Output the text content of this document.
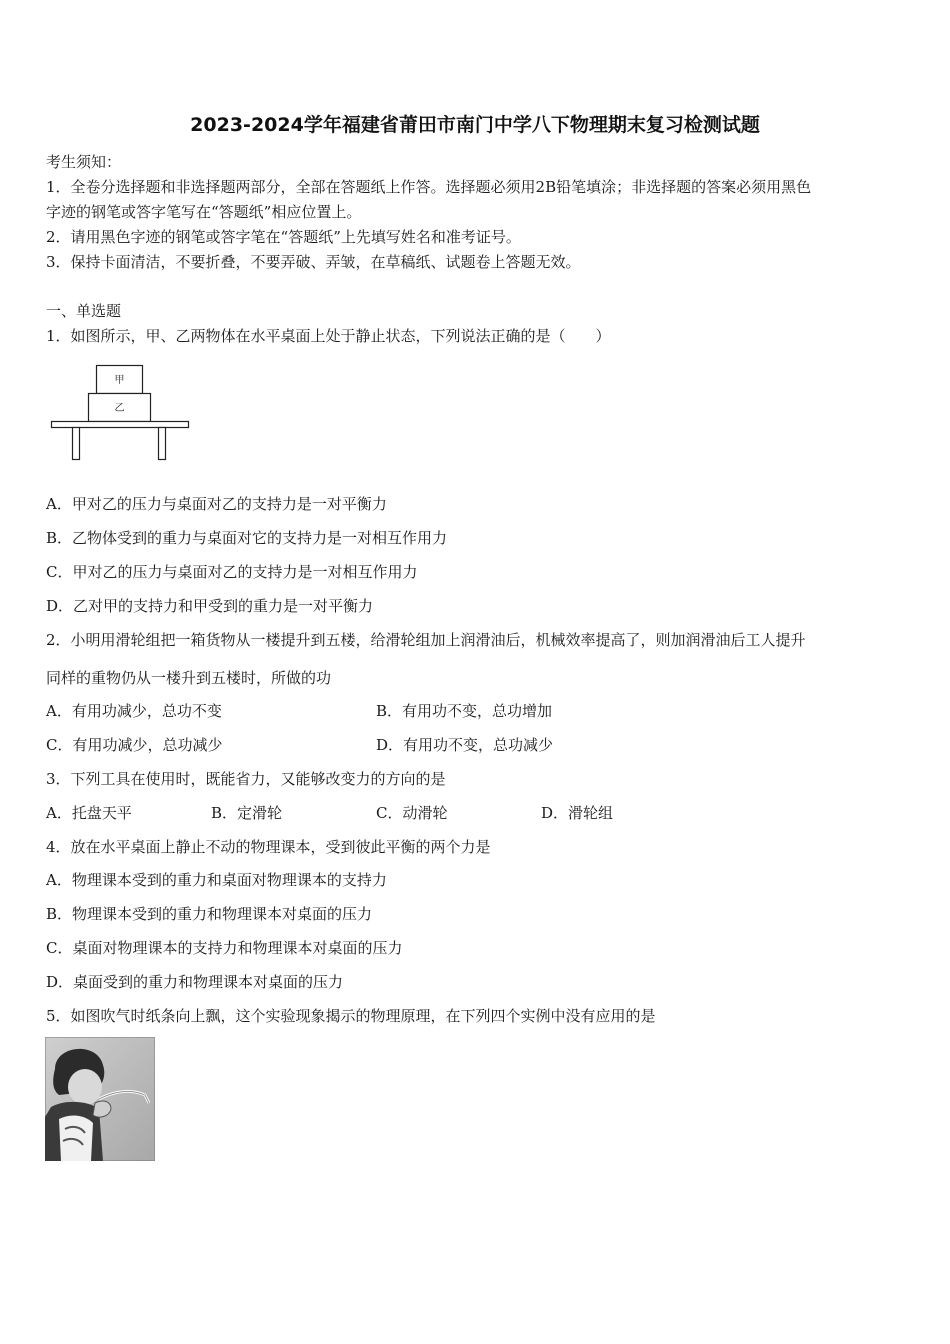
2023-2024学年福建省莆田市南门中学八下物理期末复习检测试题
考生须知：
1．全卷分选择题和非选择题两部分，全部在答题纸上作答。选择题必须用2B铅笔填涂；非选择题的答案必须用黑色
字迹的钢笔或答字笔写在“答题纸”相应位置上。
2．请用黑色字迹的钢笔或答字笔在“答题纸”上先填写姓名和准考证号。
3．保持卡面清洁，不要折叠，不要弄破、弄皱，在草稿纸、试题卷上答题无效。
一、单选题
1．如图所示，甲、乙两物体在水平桌面上处于静止状态，下列说法正确的是（　　）
甲
乙
A．甲对乙的压力与桌面对乙的支持力是一对平衡力
B．乙物体受到的重力与桌面对它的支持力是一对相互作用力
C．甲对乙的压力与桌面对乙的支持力是一对相互作用力
D．乙对甲的支持力和甲受到的重力是一对平衡力
2．小明用滑轮组把一箱货物从一楼提升到五楼，给滑轮组加上润滑油后，机械效率提高了，则加润滑油后工人提升
同样的重物仍从一楼升到五楼时，所做的功
A．有用功减少，总功不变	B．有用功不变，总功增加
C．有用功减少，总功减少	D．有用功不变，总功减少
3．下列工具在使用时，既能省力，又能够改变力的方向的是
A．托盘天平	B．定滑轮	C．动滑轮	D．滑轮组
4．放在水平桌面上静止不动的物理课本，受到彼此平衡的两个力是
A．物理课本受到的重力和桌面对物理课本的支持力
B．物理课本受到的重力和物理课本对桌面的压力
C．桌面对物理课本的支持力和物理课本对桌面的压力
D．桌面受到的重力和物理课本对桌面的压力
5．如图吹气时纸条向上飘，这个实验现象揭示的物理原理，在下列四个实例中没有应用的是
